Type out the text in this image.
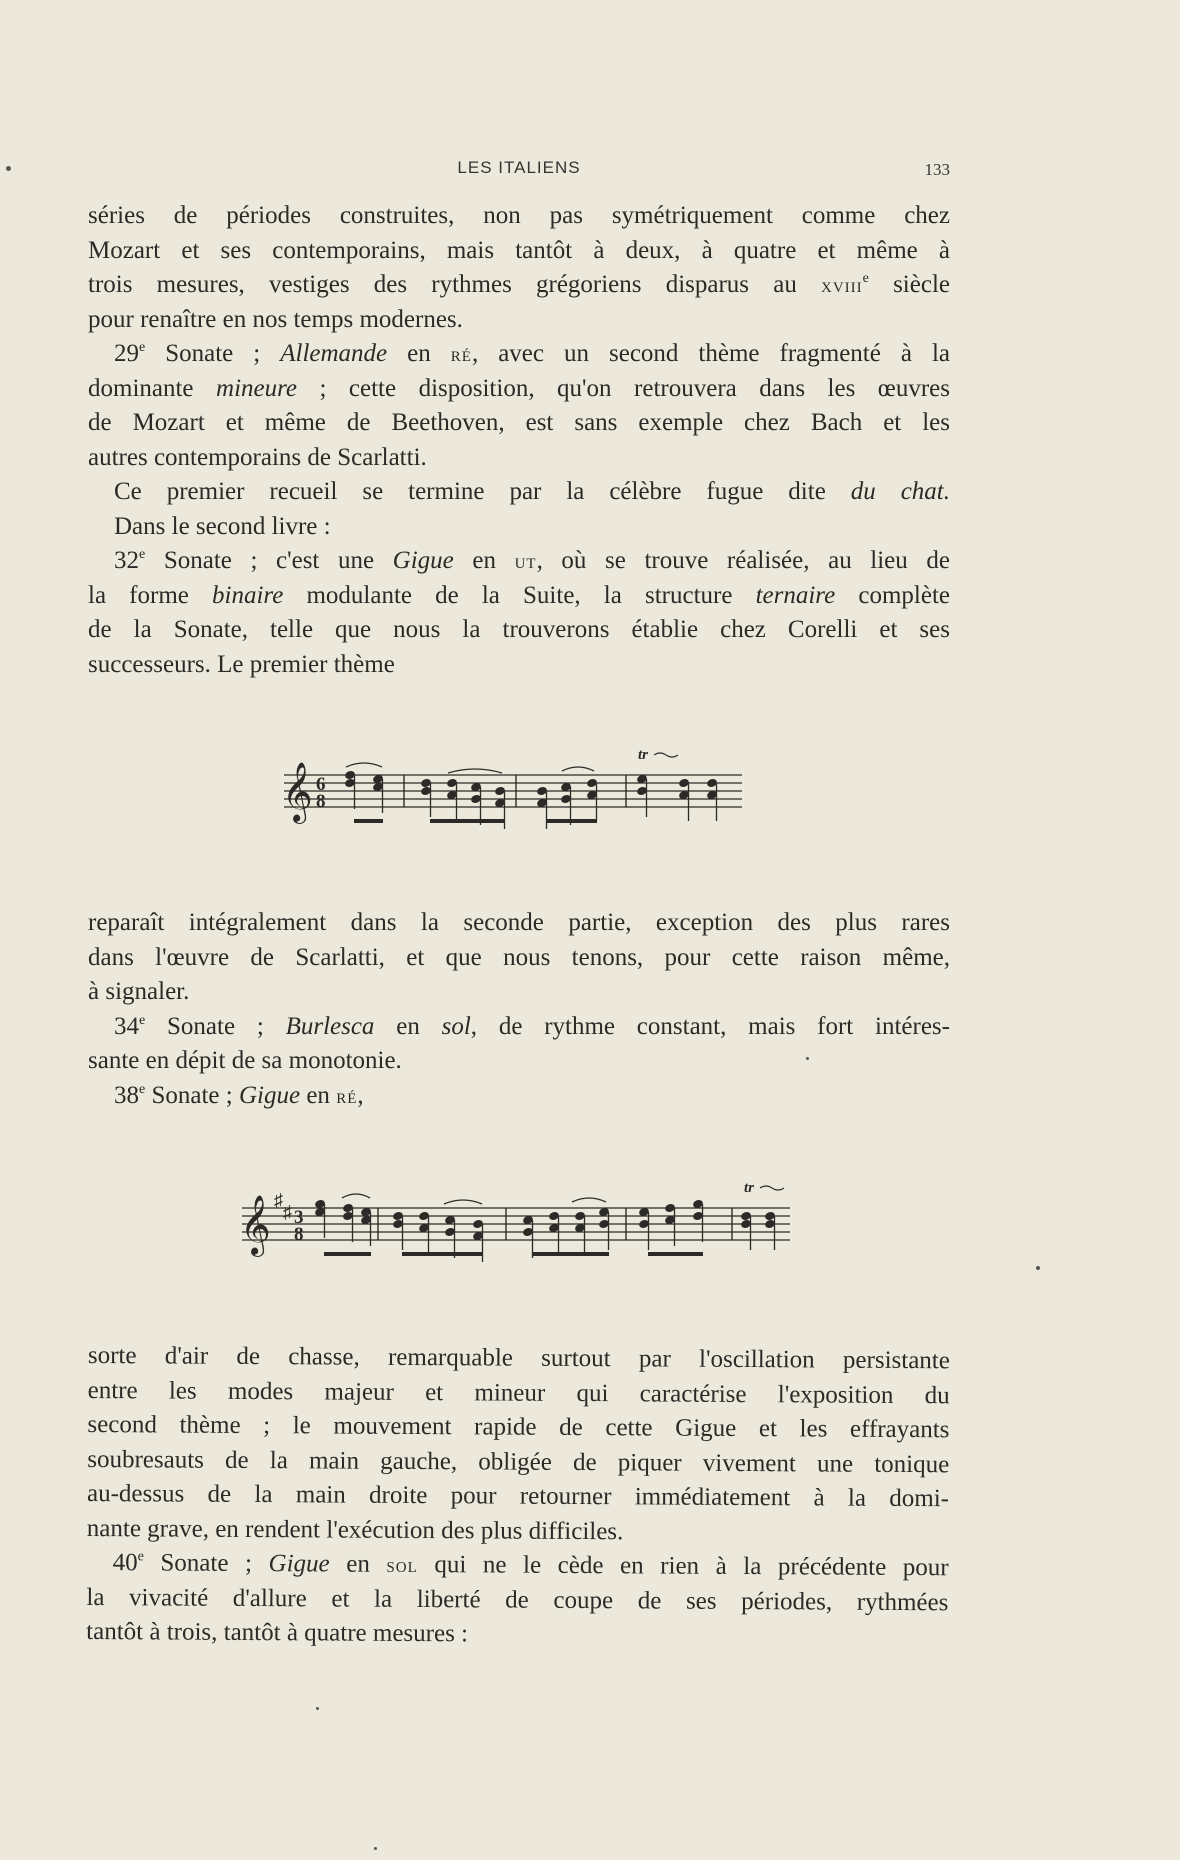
LES ITALIENS	133
séries de périodes construites, non pas symétriquement comme chez
Mozart et ses contemporains, mais tantôt à deux, à quatre et même à
trois mesures, vestiges des rythmes grégoriens disparus au xviii$^e$ siècle
pour renaître en nos temps modernes.
29e Sonate ; Allemande en ré, avec un second thème fragmenté à la
dominante mineure ; cette disposition, qu'on retrouvera dans les œuvres
de Mozart et même de Beethoven, est sans exemple chez Bach et les
autres contemporains de Scarlatti.
Ce premier recueil se termine par la célèbre fugue dite du chat.
Dans le second livre :
32e Sonate ; c'est une Gigue en ut, où se trouve réalisée, au lieu de
la forme binaire modulante de la Suite, la structure ternaire complète
de la Sonate, telle que nous la trouverons établie chez Corelli et ses
successeurs. Le premier thème
𝄞 6
8
tr
reparaît intégralement dans la seconde partie, exception des plus rares
dans l'œuvre de Scarlatti, et que nous tenons, pour cette raison même,
à signaler.
34e Sonate ; Burlesca en sol, de rythme constant, mais fort intéres-
sante en dépit de sa monotonie.
38e Sonate ; Gigue en ré,
𝄞 ♯
♯ 3
8
tr
sorte d'air de chasse, remarquable surtout par l'oscillation persistante
entre les modes majeur et mineur qui caractérise l'exposition du
second thème ; le mouvement rapide de cette Gigue et les effrayants
soubresauts de la main gauche, obligée de piquer vivement une tonique
au-dessus de la main droite pour retourner immédiatement à la domi-
nante grave, en rendent l'exécution des plus difficiles.
40e Sonate ; Gigue en sol qui ne le cède en rien à la précédente pour
la vivacité d'allure et la liberté de coupe de ses périodes, rythmées
tantôt à trois, tantôt à quatre mesures :
